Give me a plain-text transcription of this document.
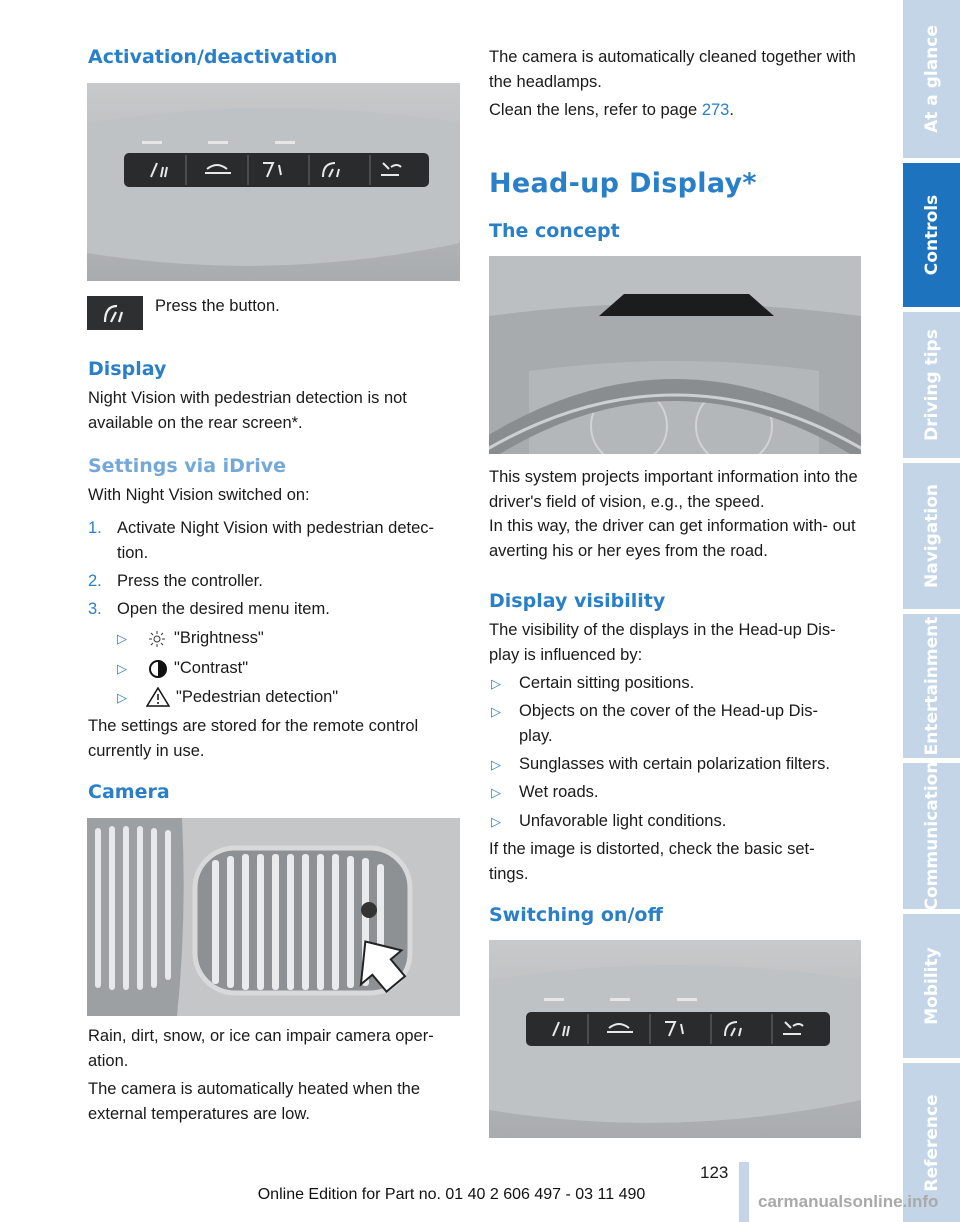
Activation/deactivation
Press the button.
Display
Night Vision with pedestrian detection is not available on the rear screen*.
Settings via iDrive
With Night Vision switched on:
1. Activate Night Vision with pedestrian detec-
tion.
2. Press the controller.
3. Open the desired menu item.
▷	"Brightness"
▷	"Contrast"
▷	"Pedestrian detection"
The settings are stored for the remote control currently in use.
Camera
Rain, dirt, snow, or ice can impair camera oper- ation.
The camera is automatically heated when the external temperatures are low.
The camera is automatically cleaned together with the headlamps.
Clean the lens, refer to page 273.
Head-up Display*
The concept
This system projects important information into the driver's field of vision, e.g., the speed.
In this way, the driver can get information with- out averting his or her eyes from the road.
Display visibility
The visibility of the displays in the Head-up Dis- play is influenced by:
▷ Certain sitting positions.
▷ Objects on the cover of the Head-up Dis- play.
▷ Sunglasses with certain polarization filters.
▷ Wet roads.
▷ Unfavorable light conditions.
If the image is distorted, check the basic set- tings.
Switching on/off
At a glance
Controls
Driving tips
Navigation
Entertainment
Communication
Mobility
Reference
123
Online Edition for Part no. 01 40 2 606 497 - 03 11 490	carmanualsonline.info
